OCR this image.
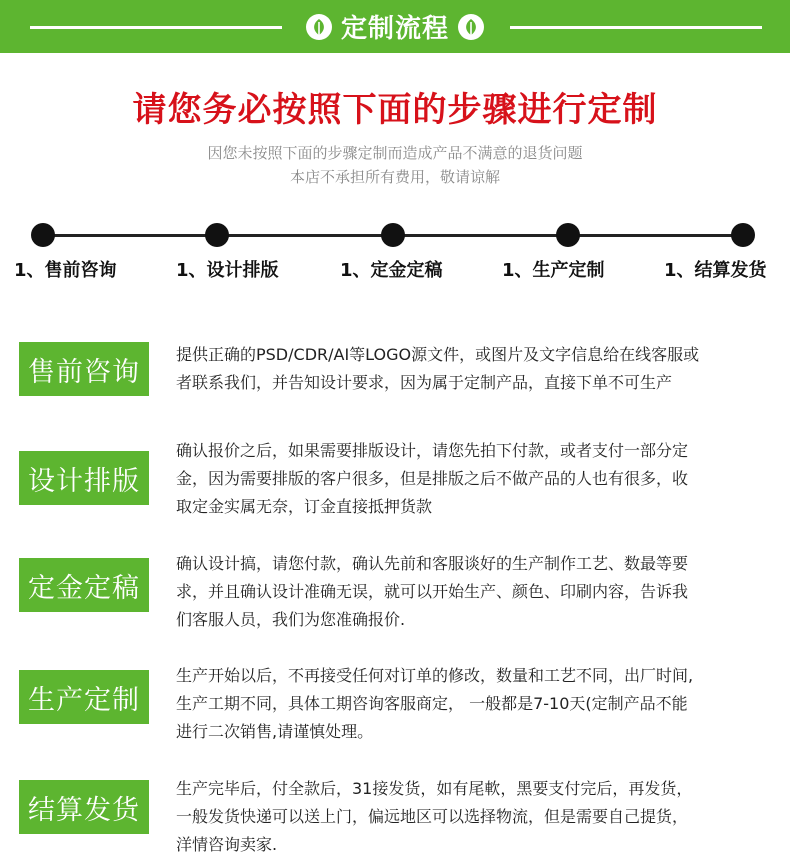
定制流程
请您务必按照下面的步骤进行定制
因您未按照下面的步骤定制而造成产品不满意的退货问题
本店不承担所有费用，敬请谅解
1、售前咨询	1、设计排版	1、定金定稿	1、生产定制	1、结算发货
售前咨询
提供正确的PSD/CDR/AI等LOGO源文件，或图片及文字信息给在线客服或
者联系我们，并告知设计要求，因为属于定制产品，直接下单不可生产
设计排版
确认报价之后，如果需要排版设计，请您先拍下付款，或者支付一部分定
金，因为需要排版的客户很多，但是排版之后不做产品的人也有很多，收
取定金实属无奈，订金直接抵押货款
定金定稿
确认设计搞，请您付款，确认先前和客服谈好的生产制作工艺、数最等要
求，并且确认设计准确无误，就可以开始生产、颜色、印刷内容，告诉我
们客服人员，我们为您准确报价.
生产定制
生产开始以后，不再接受任何对订单的修改，数量和工艺不同，出厂时间,
生产工期不同，具体工期咨询客服商定， 一般都是7-10天(定制产品不能
进行二次销售,请谨慎处理。
结算发货
生产完毕后，付全款后，31接发货，如有尾軟，黑要支付完后，再发货，
一般发货快递可以送上门，偏远地区可以选择物流，但是需要自己提货，
洋情咨询卖家.
